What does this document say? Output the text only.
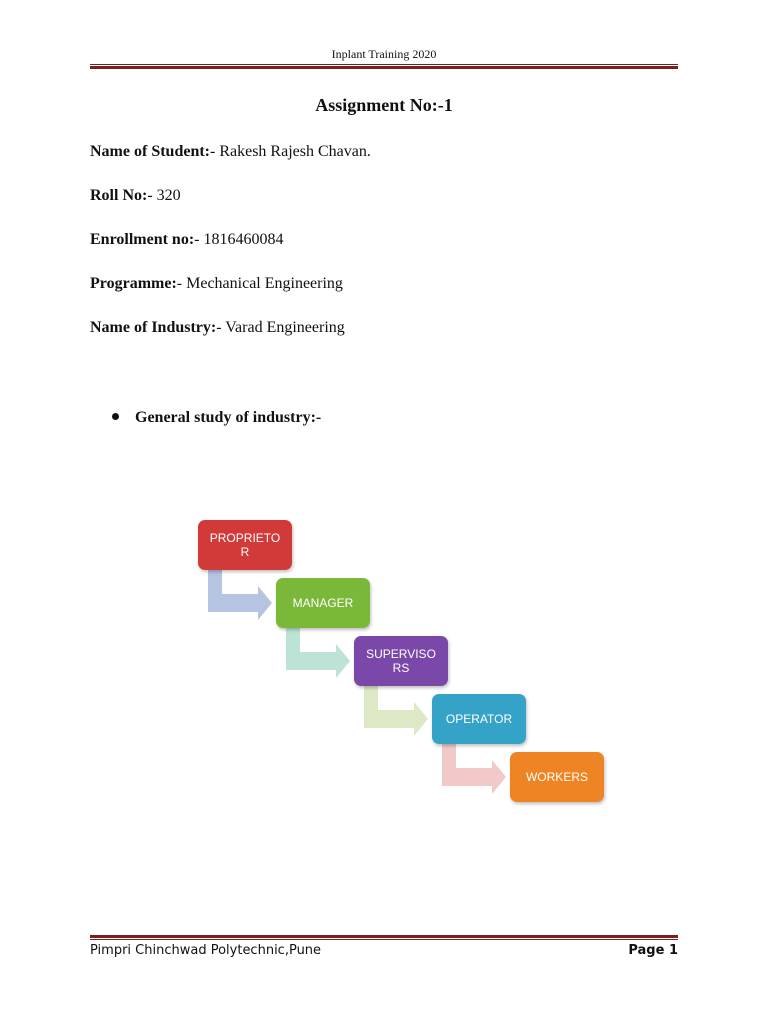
Inplant Training 2020
Assignment No:-1
Name of Student:- Rakesh Rajesh Chavan.
Roll No:- 320
Enrollment no:- 1816460084
Programme:- Mechanical Engineering
Name of Industry:- Varad Engineering
General study of industry:-
PROPRIETO
R
MANAGER
SUPERVISO
RS
OPERATOR
WORKERS
Pimpri Chinchwad Polytechnic,Pune	Page 1
